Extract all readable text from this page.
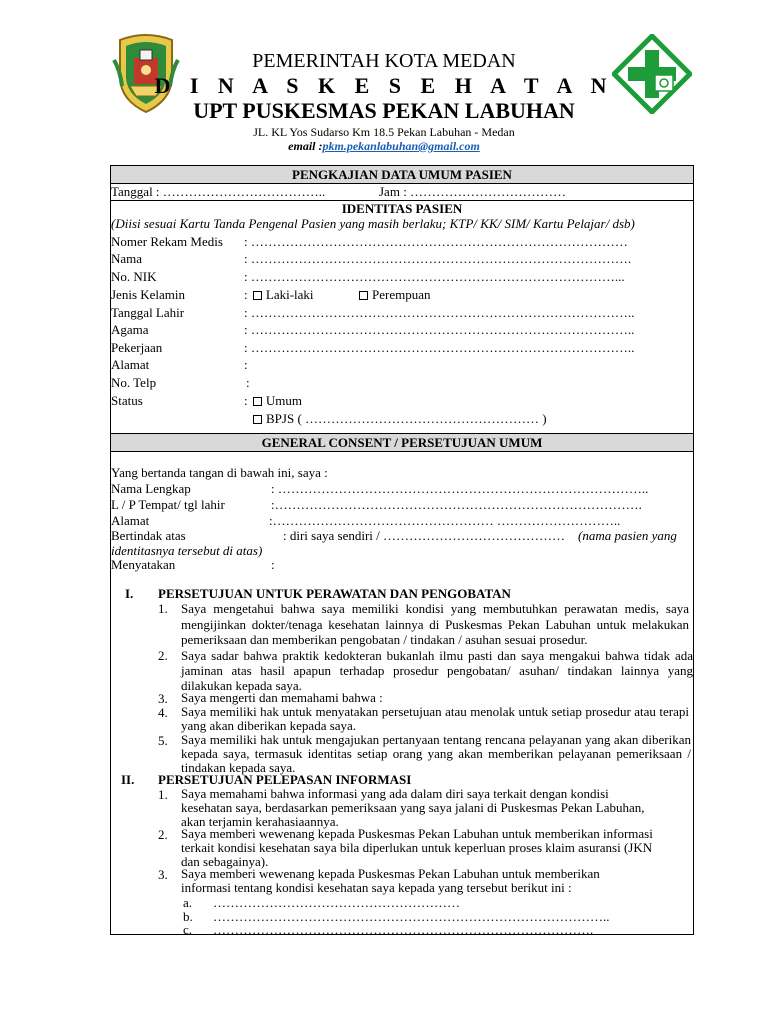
PEMERINTAH KOTA MEDAN
D I N A S K E S E H A T A N
UPT PUSKESMAS PEKAN LABUHAN
JL. KL Yos Sudarso Km 18.5 Pekan Labuhan - Medan
email :pkm.pekanlabuhan@gmail.com
PENGKAJIAN DATA UMUM PASIEN
Tanggal : ………………………………..	Jam : ………………………………
IDENTITAS PASIEN
(Diisi sesuai Kartu Tanda Pengenal Pasien yang masih berlaku; KTP/ KK/ SIM/ Kartu Pelajar/ dsb)
Nomer Rekam Medis : ……………………………………………………………………………
Nama	: …………………………………………………………………………….
No. NIK	: …………………………………………………………………………...
Jenis Kelamin	: Laki-laki	Perempuan
Tanggal Lahir	: ……………………………………………………………………………..
Agama	: ……………………………………………………………………………..
Pekerjaan	: ……………………………………………………………………………..
Alamat	:
No. Telp	:
Status	: Umum
BPJS ( ……………………………………………… )
GENERAL CONSENT / PERSETUJUAN UMUM
Yang bertanda tangan di bawah ini, saya :
Nama Lengkap	: …………………………………………………………………………..
L / P Tempat/ tgl lahir	:………………………………………………………………………….
Alamat	:…………………………………………… ………………………..
Bertindak atas	: diri saya sendiri / …………………………………… (nama pasien yang
identitasnya tersebut di atas)
Menyatakan	:
I. PERSETUJUAN UNTUK PERAWATAN DAN PENGOBATAN
1. Saya mengetahui bahwa saya memiliki kondisi yang membutuhkan perawatan medis, saya mengijinkan dokter/tenaga kesehatan lainnya di Puskesmas Pekan Labuhan untuk melakukan pemeriksaan dan memberikan pengobatan / tindakan / asuhan sesuai prosedur.
2. Saya sadar bahwa praktik kedokteran bukanlah ilmu pasti dan saya mengakui bahwa tidak ada jaminan atas hasil apapun terhadap prosedur pengobatan/ asuhan/ tindakan lainnya yang dilakukan kepada saya.
3. Saya mengerti dan memahami bahwa :
4. Saya memiliki hak untuk menyatakan persetujuan atau menolak untuk setiap prosedur atau terapi yang akan diberikan kepada saya.
5. Saya memiliki hak untuk mengajukan pertanyaan tentang rencana pelayanan yang akan diberikan kepada saya, termasuk identitas setiap orang yang akan memberikan pelayanan pemeriksaan / tindakan kepada saya.
II. PERSETUJUAN PELEPASAN INFORMASI
1. Saya memahami bahwa informasi yang ada dalam diri saya terkait dengan kondisi kesehatan saya, berdasarkan pemeriksaan yang saya jalani di Puskesmas Pekan Labuhan, akan terjamin kerahasiaannya.
2. Saya memberi wewenang kepada Puskesmas Pekan Labuhan untuk memberikan informasi terkait kondisi kesehatan saya bila diperlukan untuk keperluan proses klaim asuransi (JKN dan sebagainya).
3. Saya memberi wewenang kepada Puskesmas Pekan Labuhan untuk memberikan informasi tentang kondisi kesehatan saya kepada yang tersebut berikut ini :
a. …………………………………………………
b. ………………………………………………………………………………..
c. …………………………………………………………………………….
